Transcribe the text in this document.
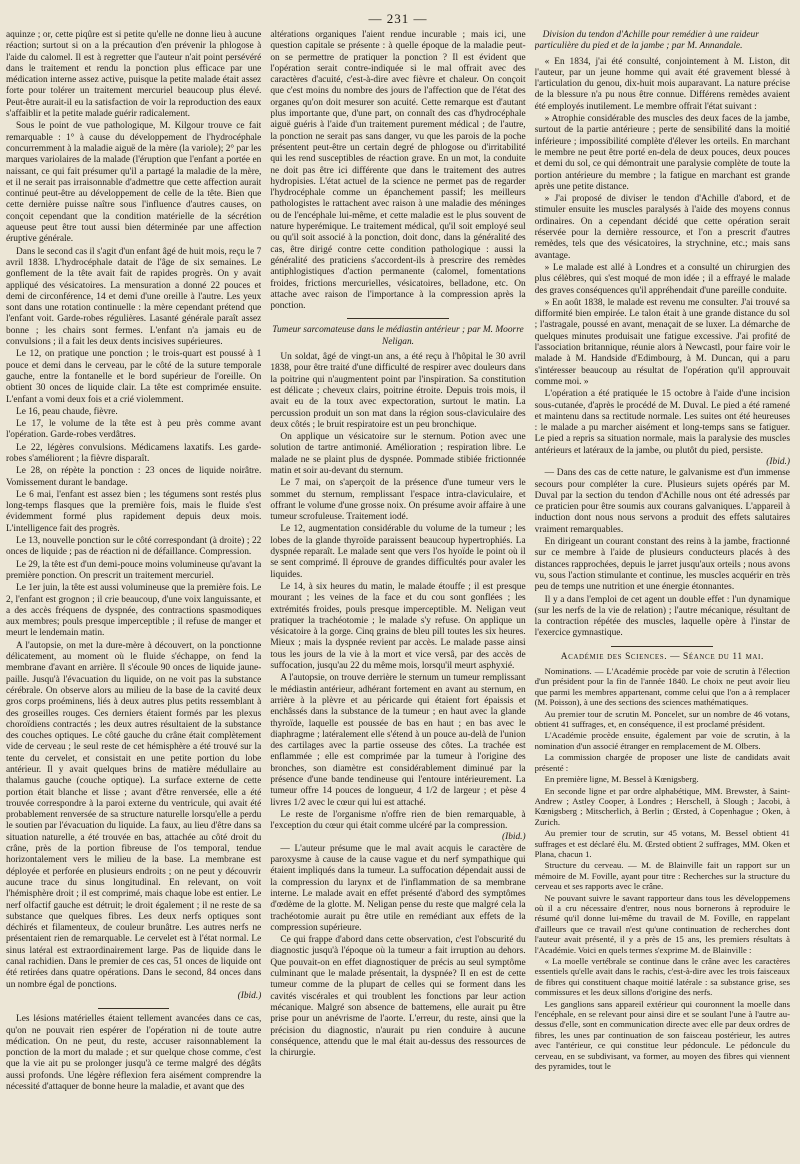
— 231 —

aquinze ; or, cette piqûre est si petite qu'elle ne donne lieu à aucune réaction; surtout si on a la précaution d'en prévenir la phlogose à l'aide du calomel. Il est à regretter que l'auteur n'ait point persévéré dans le traitement et rendu la ponction plus efficace par une médication interne assez active, puisque la petite malade était assez forte pour tolérer un traitement mercuriel beaucoup plus élevé. Peut-être aurait-il eu la satisfaction de voir la reproduction des eaux s'affaiblir et la petite malade guérir radicalement.

Sous le point de vue pathologique, M. Kilgour trouve ce fait remarquable : 1° à cause du développement de l'hydrocéphale concurremment à la maladie aiguë de la mère (la variole); 2° par les marques variolaires de la malade (l'éruption que l'enfant a portée en naissant, ce qui fait présumer qu'il a partagé la maladie de la mère, et il ne serait pas irraisonnable d'admettre que cette affection aurait continué peut-être au développement de celle de la tête. Bien que cette dernière puisse naître sous l'influence d'autres causes, on conçoit cependant que la condition matérielle de la sécrétion aqueuse peut être tout aussi bien déterminée par une affection éruptive générale.

Dans le second cas il s'agit d'un enfant âgé de huit mois, reçu le 7 avril 1838. L'hydrocéphale datait de l'âge de six semaines. Le gonflement de la tête avait fait de rapides progrès. On y avait appliqué des vésicatoires. La mensuration a donné 22 pouces et demi de circonférence, 14 et demi d'une oreille à l'autre. Les yeux sont dans une rotation continuelle : la mère cependant prétend que l'enfant voit. Garde-robes régulières. Lasanté générale paraît assez bonne ; les chairs sont fermes. L'enfant n'a jamais eu de convulsions ; il a fait les deux dents incisives supérieures.

Le 12, on pratique une ponction ; le trois-quart est poussé à 1 pouce et demi dans le cerveau, par le côté de la suture temporale gauche, entre la fontanelle et le bord supérieur de l'oreille. On obtient 30 onces de liquide clair. La tête est comprimée ensuite. L'enfant a vomi deux fois et a crié violemment.

Le 16, peau chaude, fièvre.

Le 17, le volume de la tête est à peu près comme avant l'opération. Garde-robes verdâtres.

Le 22, légères convulsions. Médicamens laxatifs. Les garde-robes s'améliorent ; la fièvre disparaît.

Le 28, on répète la ponction : 23 onces de liquide noirâtre. Vomissement durant le bandage.

Le 6 mai, l'enfant est assez bien ; les tégumens sont restés plus long-temps flasques que la première fois, mais le fluide s'est évidemment formé plus rapidement depuis deux mois. L'intelligence fait des progrès.

Le 13, nouvelle ponction sur le côté correspondant (à droite) ; 22 onces de liquide ; pas de réaction ni de défaillance. Compression.

Le 29, la tête est d'un demi-pouce moins volumineuse qu'avant la première ponction. On prescrit un traitement mercuriel.

Le 1er juin, la tête est aussi volumineuse que la première fois. Le 2, l'enfant est grognon ; il crie beaucoup, d'une voix languissante, et a des accès fréquens de dyspnée, des contractions spasmodiques aux membres; pouls presque imperceptible ; il refuse de manger et meurt le lendemain matin.

A l'autopsie, on met la dure-mère à découvert, on la ponctionne délicatement, au moment où le fluide s'échappe, on fend la membrane d'avant en arrière. Il s'écoule 90 onces de liquide jaune-paille. Jusqu'à l'évacuation du liquide, on ne voit pas la substance cérébrale. On observe alors au milieu de la base de la cavité deux gros corps proéminens, liés à deux autres plus petits ressemblant à des groseilles rouges. Ces derniers étaient formés par les plexus choroïdiens contractés ; les deux autres résultaient de la substance des couches optiques. Le côté gauche du crâne était complètement vide de cerveau ; le seul reste de cet hémisphère a été trouvé sur la tente du cervelet, et consistait en une petite portion du lobe antérieur. Il y avait quelques brins de matière médullaire au thalamus gauche (couche optique). La surface externe de cette portion était blanche et lisse ; avant d'être renversée, elle a été trouvée correspondre à la paroi externe du ventricule, qui avait été probablement renversée de sa structure naturelle lorsqu'elle a perdu le soutien par l'évacuation du liquide. La faux, au lieu d'être dans sa situation naturelle, a été trouvée en bas, attachée au côté droit du crâne, près de la portion fibreuse de l'os temporal, tendue horizontalement vers le milieu de la base. La membrane est déployée et perforée en plusieurs endroits ; on ne peut y découvrir aucune trace du sinus longitudinal. En relevant, on voit l'hémisphère droit ; il est comprimé, mais chaque lobe est entier. Le nerf olfactif gauche est détruit; le droit également ; il ne reste de sa substance que quelques fibres. Les deux nerfs optiques sont déchirés et filamenteux, de couleur brunâtre. Les autres nerfs ne présentaient rien de remarquable. Le cervelet est à l'état normal. Le sinus latéral est extraordinairement large. Pas de liquide dans le canal rachidien. Dans le premier de ces cas, 51 onces de liquide ont été retirées dans quatre opérations. Dans le second, 84 onces dans un nombre égal de ponctions.

(Ibid.)

Les lésions matérielles étaient tellement avancées dans ce cas, qu'on ne pouvait rien espérer de l'opération ni de toute autre médication. On ne peut, du reste, accuser raisonnablement la ponction de la mort du malade ; et sur quelque chose comme, c'est que la vie ait pu se prolonger jusqu'à ce terme malgré des dégâts aussi profonds. Une légère réflexion fera aisément comprendre la nécessité d'attaquer de bonne heure la maladie, et avant que des

altérations organiques l'aient rendue incurable ; mais ici, une question capitale se présente : à quelle époque de la maladie peut-on se permettre de pratiquer la ponction ? Il est évident que l'opération serait contre-indiquée si le mal offrait avec des caractères d'acuité, c'est-à-dire avec fièvre et chaleur. On conçoit que c'est moins du nombre des jours de l'affection que de l'état des organes qu'on doit mesurer son acuité. Cette remarque est d'autant plus importante que, d'une part, on connaît des cas d'hydrocéphale aiguë guéris à l'aide d'un traitement purement médical ; de l'autre, la ponction ne serait pas sans danger, vu que les parois de la poche présentent peut-être un certain degré de phlogose ou d'irritabilité qui les rend susceptibles de réaction grave. En un mot, la conduite ne doit pas être ici différente que dans le traitement des autres hydropisies. L'état actuel de la science ne permet pas de regarder l'hydrocéphale comme un épanchement passif; les meilleurs pathologistes le rattachent avec raison à une maladie des méninges ou de l'encéphale lui-même, et cette maladie est le plus souvent de nature hyperémique. Le traitement médical, qu'il soit employé seul ou qu'il soit associé à la ponction, doit donc, dans la généralité des cas, être dirigé contre cette condition pathologique : aussi la généralité des praticiens s'accordent-ils à prescrire des remèdes antiphlogistiques d'action permanente (calomel, fomentations froides, frictions mercurielles, vésicatoires, belladone, etc. On attache avec raison de l'importance à la compression après la ponction.

Tumeur sarcomateuse dans le médiastin antérieur ; par M. Moorre Neligan.

Un soldat, âgé de vingt-un ans, a été reçu à l'hôpital le 30 avril 1838, pour être traité d'une difficulté de respirer avec douleurs dans la poitrine qui n'augmentent point par l'inspiration. Sa constitution est délicate ; cheveux clairs, poitrine étroite. Depuis trois mois, il avait eu de la toux avec expectoration, surtout le matin. La percussion produit un son mat dans la région sous-claviculaire des deux côtés ; le bruit respiratoire est un peu bronchique.

On applique un vésicatoire sur le sternum. Potion avec une solution de tartre antimonié. Amélioration ; respiration libre. Le malade ne se plaint plus de dyspnée. Pommade stibiée frictionnée matin et soir au-devant du sternum.

Le 7 mai, on s'aperçoit de la présence d'une tumeur vers le sommet du sternum, remplissant l'espace intra-claviculaire, et offrant le volume d'une grosse noix. On présume avoir affaire à une tumeur scrofuleuse. Traitement iodé.

Le 12, augmentation considérable du volume de la tumeur ; les lobes de la glande thyroïde paraissent beaucoup hypertrophiés. La dyspnée reparaît. Le malade sent que vers l'os hyoïde le point où il se sent comprimé. Il éprouve de grandes difficultés pour avaler les liquides.

Le 14, à six heures du matin, le malade étouffe ; il est presque mourant ; les veines de la face et du cou sont gonflées ; les extrémités froides, pouls presque imperceptible. M. Neligan veut pratiquer la trachéotomie ; le malade s'y refuse. On applique un vésicatoire à la gorge. Cinq grains de bleu pill toutes les six heures. Mieux ; mais la dyspnée revient par accès. Le malade passe ainsi tous les jours de la vie à la mort et vice versâ, par des accès de suffocation, jusqu'au 22 du même mois, lorsqu'il meurt asphyxié.

A l'autopsie, on trouve derrière le sternum un tumeur remplissant le médiastin antérieur, adhérant fortement en avant au sternum, en arrière à la plèvre et au péricarde qui étaient fort épaissis et enchâssés dans la substance de la tumeur ; en haut avec la glande thyroïde, laquelle est poussée de bas en haut ; en bas avec le diaphragme ; latéralement elle s'étend à un pouce au-delà de l'union des cartilages avec la partie osseuse des côtes. La trachée est enflammée ; elle est comprimée par la tumeur à l'origine des bronches, son diamètre est considérablement diminué par la présence d'une bande tendineuse qui l'entoure intérieurement. La tumeur offre 14 pouces de longueur, 4 1/2 de largeur ; et pèse 4 livres 1/2 avec le cœur qui lui est attaché.

Le reste de l'organisme n'offre rien de bien remarquable, à l'exception du cœur qui était comme ulcéré par la compression.

(Ibid.)

— L'auteur présume que le mal avait acquis le caractère de paroxysme à cause de la cause vague et du nerf sympathique qui étaient impliqués dans la tumeur. La suffocation dépendait aussi de la compression du larynx et de l'inflammation de sa membrane interne. Le malade avait en effet présenté d'abord des symptômes d'œdème de la glotte. M. Neligan pense du reste que malgré cela la trachéotomie aurait pu être utile en remédiant aux effets de la compression supérieure.

Ce qui frappe d'abord dans cette observation, c'est l'obscurité du diagnostic jusqu'à l'époque où la tumeur a fait irruption au dehors. Que pouvait-on en effet diagnostiquer de précis au seul symptôme culminant que le malade présentait, la dyspnée? Il en est de cette tumeur comme de la plupart de celles qui se forment dans les cavités viscérales et qui troublent les fonctions par leur action mécanique. Malgré son absence de battemens, elle aurait pu être prise pour un anévrisme de l'aorte. L'erreur, du reste, ainsi que la précision du diagnostic, n'aurait pu rien conduire à aucune conséquence, attendu que le mal était au-dessus des ressources de la chirurgie.

Division du tendon d'Achille pour remédier à une raideur particulière du pied et de la jambe ; par M. Annandale.

« En 1834, j'ai été consulté, conjointement à M. Liston, dit l'auteur, par un jeune homme qui avait été gravement blessé à l'articulation du genou, dix-huit mois auparavant. La nature précise de la blessure n'a pu nous être connue. Différens remèdes avaient été employés inutilement. Le membre offrait l'état suivant :

» Atrophie considérable des muscles des deux faces de la jambe, surtout de la partie antérieure ; perte de sensibilité dans la moitié inférieure ; impossibilité complète d'élever les orteils. En marchant le membre ne peut être porté en-dela de deux pouces, deux pouces et demi du sol, ce qui démontrait une paralysie complète de toute la portion antérieure du membre ; la fatigue en marchant est grande après une petite distance.

» J'ai proposé de diviser le tendon d'Achille d'abord, et de stimuler ensuite les muscles paralysés à l'aide des moyens connus ordinaires. On a cependant décidé que cette opération serait réservée pour la dernière ressource, et l'on a prescrit d'autres remèdes, tels que des vésicatoires, la strychnine, etc.; mais sans avantage.

» Le malade est allé à Londres et a consulté un chirurgien des plus célèbres, qui s'est moqué de mon idée ; il a effrayé le malade des graves conséquences qu'il appréhendait d'une pareille conduite.

» En août 1838, le malade est revenu me consulter. J'ai trouvé sa difformité bien empirée. Le talon était à une grande distance du sol ; l'astragale, poussé en avant, menaçait de se luxer. La démarche de quelques minutes produisait une fatigue excessive. J'ai profité de l'association britannique, réunie alors à Newcastl, pour faire voir le malade à M. Handside d'Edimbourg, à M. Duncan, qui a paru s'intéresser beaucoup au résultat de l'opération qu'il approuvait comme moi. »

L'opération a été pratiquée le 15 octobre à l'aide d'une incision sous-cutanée, d'après le procédé de M. Duval. Le pied a été ramené et maintenu dans sa rectitude normale. Les suites ont été heureuses : le malade a pu marcher aisément et long-temps sans se fatiguer. Le pied a repris sa situation normale, mais la paralysie des muscles antérieurs et latéraux de la jambe, ou plutôt du pied, persiste.

(Ibid.)

— Dans des cas de cette nature, le galvanisme est d'un immense secours pour compléter la cure. Plusieurs sujets opérés par M. Duval par la section du tendon d'Achille nous ont été adressés par ce praticien pour être soumis aux courans galvaniques. L'appareil à induction dont nous nous servons a produit des effets salutaires vraiment remarquables.

En dirigeant un courant constant des reins à la jambe, fractionné sur ce membre à l'aide de plusieurs conducteurs placés à des distances rapprochées, depuis le jarret jusqu'aux orteils ; nous avons vu, sous l'action stimulante et continue, les muscles acquérir en très peu de temps une nutrition et une énergie étonnantes.

Il y a dans l'emploi de cet agent un double effet : l'un dynamique (sur les nerfs de la vie de relation) ; l'autre mécanique, résultant de la contraction répétée des muscles, laquelle opère à l'instar de l'exercice gymnastique.

Académie des Sciences. — Séance du 11 mai.

Nominations. — L'Académie procède par voie de scrutin à l'élection d'un président pour la fin de l'année 1840. Le choix ne peut avoir lieu que parmi les membres appartenant, comme celui que l'on a à remplacer (M. Poisson), à une des sections des sciences mathématiques.

Au premier tour de scrutin M. Poncelet, sur un nombre de 46 votans, obtient 41 suffrages, et, en conséquence, il est proclamé président.

L'Académie procède ensuite, également par voie de scrutin, à la nomination d'un associé étranger en remplacement de M. Olbers.

La commission chargée de proposer une liste de candidats avait présenté :

En première ligne, M. Bessel à Kœnigsberg.

En seconde ligne et par ordre alphabétique, MM. Brewster, à Saint-Andrew ; Astley Cooper, à Londres ; Herschell, à Slough ; Jacobi, à Kœnigsberg ; Mitscherlich, à Berlin ; Œrsted, à Copenhague ; Oken, à Zurich.

Au premier tour de scrutin, sur 45 votans, M. Bessel obtient 41 suffrages et est déclaré élu. M. Œrsted obtient 2 suffrages, MM. Oken et Plana, chacun 1.

Structure du cerveau. — M. de Blainville fait un rapport sur un mémoire de M. Foville, ayant pour titre : Recherches sur la structure du cerveau et ses rapports avec le crâne.

Ne pouvant suivre le savant rapporteur dans tous les développemens où il a cru nécessaire d'entrer, nous nous bornerons à reproduire le résumé qu'il donne lui-même du travail de M. Foville, en rappelant d'ailleurs que ce travail n'est qu'une continuation de recherches dont l'auteur avait présenté, il y a près de 15 ans, les premiers résultats à l'Académie. Voici en quels termes s'exprime M. de Blainville :

« La moelle vertébrale se continue dans le crâne avec les caractères essentiels qu'elle avait dans le rachis, c'est-à-dire avec les trois faisceaux de fibres qui constituent chaque moitié latérale : sa substance grise, ses commissures et les deux sillons d'origine des nerfs.

Les ganglions sans appareil extérieur qui couronnent la moelle dans l'encéphale, en se relevant pour ainsi dire et se soulant l'une à l'autre au-dessus d'elle, sont en communication directe avec elle par deux ordres de fibres, les unes par continuation de son faisceau postérieur, les autres avec l'antérieur, ce qui constitue leur pédoncule. Le pédoncule du cerveau, en se subdivisant, va former, au moyen des fibres qui viennent des pyramides, tout le
